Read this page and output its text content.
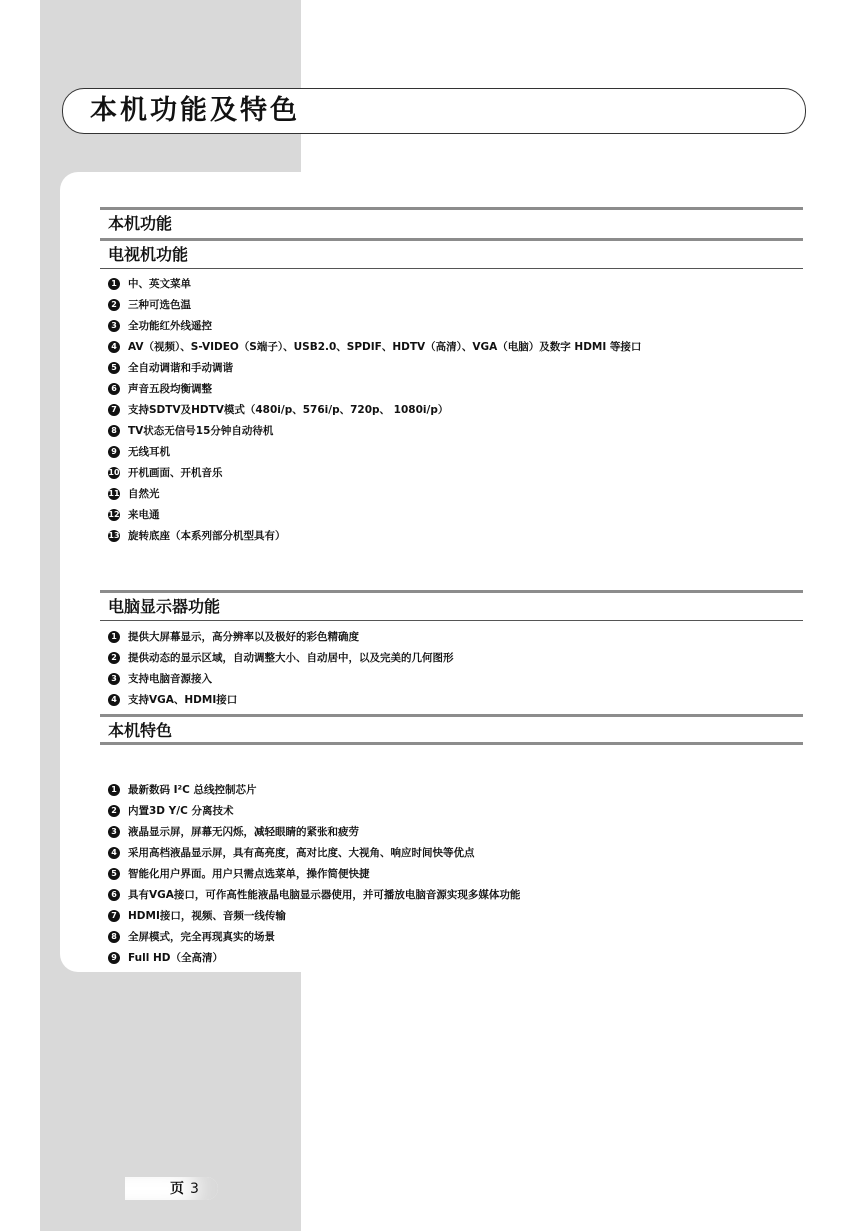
本机功能及特色
本机功能
电视机功能
1 中、英文菜单
2 三种可选色温
3 全功能红外线遥控
4 AV（视频）、S-VIDEO（S端子）、USB2.0、SPDIF、HDTV（高清）、VGA（电脑）及数字 HDMI 等接口
5 全自动调谐和手动调谐
6 声音五段均衡调整
7 支持SDTV及HDTV模式（480i/p、576i/p、720p、 1080i/p）
8 TV状态无信号15分钟自动待机
9 无线耳机
10 开机画面、开机音乐
11 自然光
12 来电通
13 旋转底座（本系列部分机型具有）
电脑显示器功能
1 提供大屏幕显示，高分辨率以及极好的彩色精确度
2 提供动态的显示区域，自动调整大小、自动居中，以及完美的几何图形
3 支持电脑音源接入
4 支持VGA、HDMI接口
本机特色
1 最新数码 I²C 总线控制芯片
2 内置3D Y/C 分离技术
3 液晶显示屏，屏幕无闪烁，减轻眼睛的紧张和疲劳
4 采用高档液晶显示屏，具有高亮度，高对比度、大视角、响应时间快等优点
5 智能化用户界面。用户只需点选菜单，操作简便快捷
6 具有VGA接口，可作高性能液晶电脑显示器使用，并可播放电脑音源实现多媒体功能
7 HDMI接口，视频、音频一线传输
8 全屏模式，完全再现真实的场景
9 Full HD（全高清）
页 3
